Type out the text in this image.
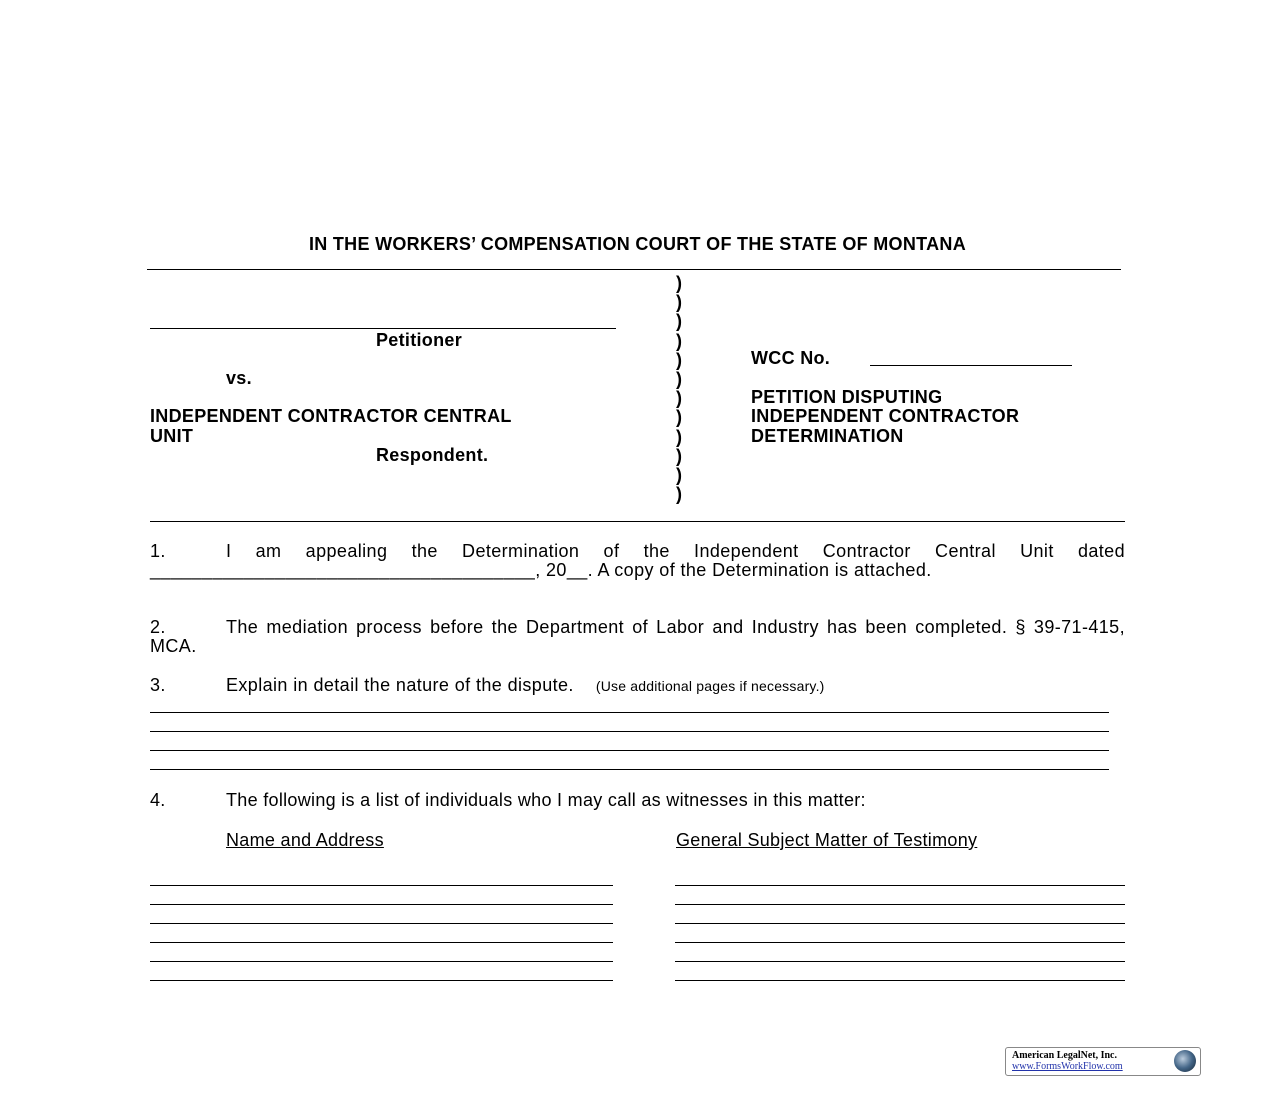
IN THE WORKERS’ COMPENSATION COURT OF THE STATE OF MONTANA
)
)
)
)
)
)
)
)
)
)
)
)
Petitioner
vs.
INDEPENDENT CONTRACTOR CENTRAL
UNIT
Respondent.
WCC No.
PETITION DISPUTING
INDEPENDENT CONTRACTOR
DETERMINATION
1.	I am appealing the Determination of the Independent Contractor Central Unit dated _____________________________________, 20__. A copy of the Determination is attached.
2.	The mediation process before the Department of Labor and Industry has been completed. § 39-71-415, MCA.
3.	Explain in detail the nature of the dispute. (Use additional pages if necessary.)
4.	The following is a list of individuals who I may call as witnesses in this matter:
Name and Address	General Subject Matter of Testimony
American LegalNet, Inc.
www.FormsWorkFlow.com
